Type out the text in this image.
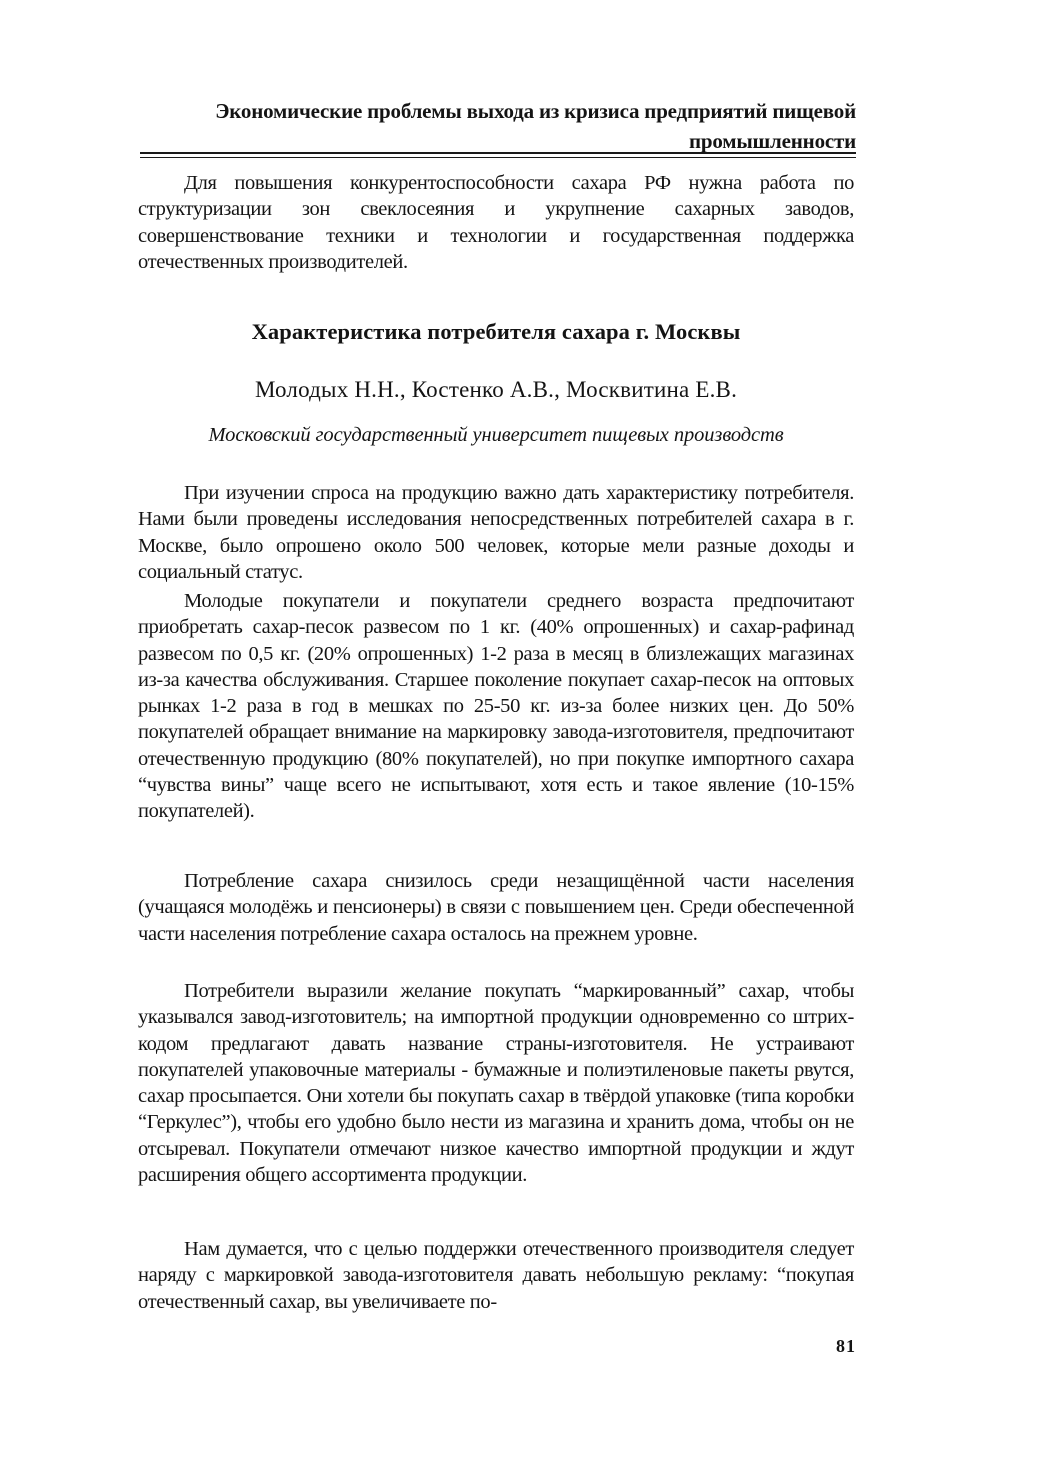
Экономические проблемы выхода из кризиса предприятий пищевой промышленности

Для повышения конкурентоспособности сахара РФ нужна работа по структуризации зон свеклосеяния и укрупнение сахарных заводов, совершенствование техники и технологии и государственная поддержка отечественных производителей.

Характеристика потребителя сахара г. Москвы
Молодых Н.Н., Костенко А.В., Москвитина Е.В.
Московский государственный университет пищевых производств

При изучении спроса на продукцию важно дать характеристику потребителя. Нами были проведены исследования непосредственных потребителей сахара в г. Москве, было опрошено около 500 человек, которые мели разные доходы и социальный статус.

Молодые покупатели и покупатели среднего возраста предпочитают приобретать сахар-песок развесом по 1 кг. (40% опрошенных) и сахар-рафинад развесом по 0,5 кг. (20% опрошенных) 1-2 раза в месяц в близлежащих магазинах из-за качества обслуживания. Старшее поколение покупает сахар-песок на оптовых рынках 1-2 раза в год в мешках по 25-50 кг. из-за более низких цен. До 50% покупателей обращает внимание на маркировку завода-изготовителя, предпочитают отечественную продукцию (80% покупателей), но при покупке импортного сахара “чувства вины” чаще всего не испытывают, хотя есть и такое явление (10-15% покупателей).

Потребление сахара снизилось среди незащищённой части населения (учащаяся молодёжь и пенсионеры) в связи с повышением цен. Среди обеспеченной части населения потребление сахара осталось на прежнем уровне.

Потребители выразили желание покупать “маркированный” сахар, чтобы указывался завод-изготовитель; на импортной продукции одновременно со штрих-кодом предлагают давать название страны-изготовителя. Не устраивают покупателей упаковочные материалы - бумажные и полиэтиленовые пакеты рвутся, сахар просыпается. Они хотели бы покупать сахар в твёрдой упаковке (типа коробки “Геркулес”), чтобы его удобно было нести из магазина и хранить дома, чтобы он не отсыревал. Покупатели отмечают низкое качество импортной продукции и ждут расширения общего ассортимента продукции.

Нам думается, что с целью поддержки отечественного производителя следует наряду с маркировкой завода-изготовителя давать небольшую рекламу: “покупая отечественный сахар, вы увеличиваете по-

81
